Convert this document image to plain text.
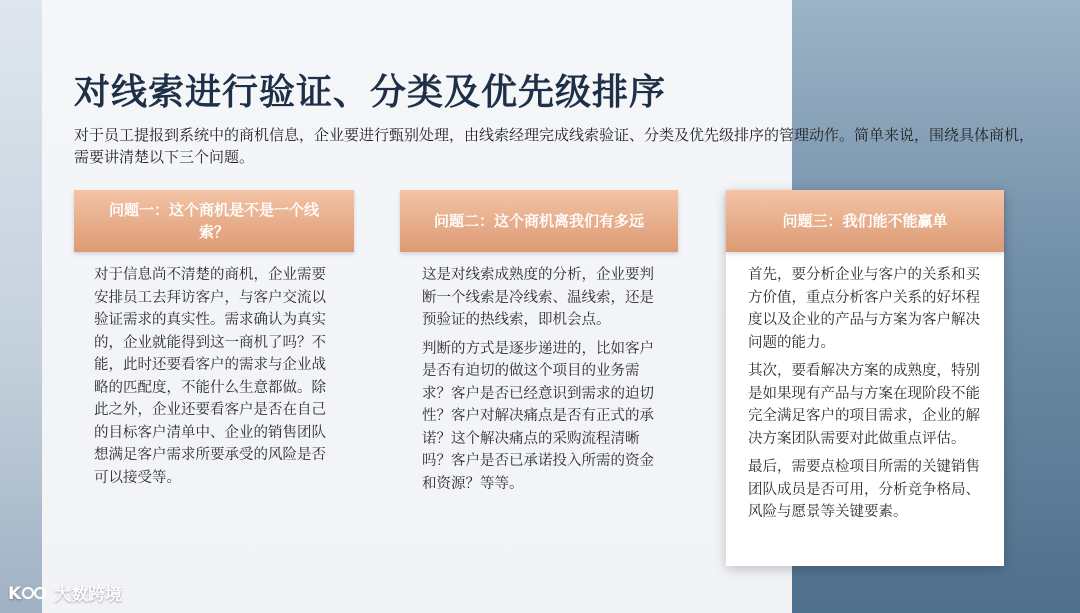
对线索进行验证、分类及优先级排序

对于员工提报到系统中的商机信息，企业要进行甄别处理，由线索经理完成线索验证、分类及优先级排序的管理动作。简单来说，围绕具体商机，需要讲清楚以下三个问题。

问题一：这个商机是不是一个线索？

对于信息尚不清楚的商机，企业需要安排员工去拜访客户，与客户交流以验证需求的真实性。需求确认为真实的，企业就能得到这一商机了吗？不能，此时还要看客户的需求与企业战略的匹配度，不能什么生意都做。除此之外，企业还要看客户是否在自己的目标客户清单中、企业的销售团队想满足客户需求所要承受的风险是否可以接受等。

问题二：这个商机离我们有多远

这是对线索成熟度的分析，企业要判断一个线索是冷线索、温线索，还是预验证的热线索，即机会点。

判断的方式是逐步递进的，比如客户是否有迫切的做这个项目的业务需求？客户是否已经意识到需求的迫切性？客户对解决痛点是否有正式的承诺？这个解决痛点的采购流程清晰吗？客户是否已承诺投入所需的资金和资源？等等。

问题三：我们能不能赢单

首先，要分析企业与客户的关系和买方价值，重点分析客户关系的好坏程度以及企业的产品与方案为客户解决问题的能力。

其次，要看解决方案的成熟度，特别是如果现有产品与方案在现阶段不能完全满足客户的项目需求，企业的解决方案团队需要对此做重点评估。

最后，需要点检项目所需的关键销售团队成员是否可用，分析竞争格局、风险与愿景等关键要素。

K 大数跨境
